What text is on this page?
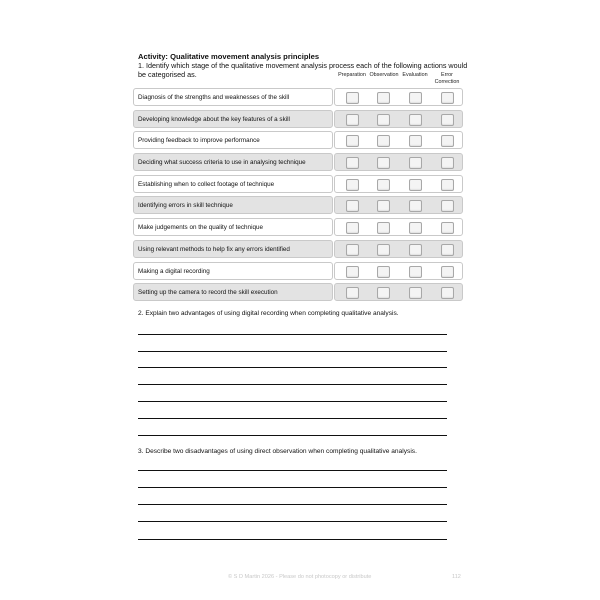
Activity: Qualitative movement analysis principles
1. Identify which stage of the qualitative movement analysis process each of the following actions would be categorised as.	Preparation Observation Evaluation	Error Correction
Diagnosis of the strengths and weaknesses of the skill
Developing knowledge about the key features of a skill
Providing feedback to improve performance
Deciding what success criteria to use in analysing technique
Establishing when to collect footage of technique
Identifying errors in skill technique
Make judgements on the quality of technique
Using relevant methods to help fix any errors identified
Making a digital recording
Setting up the camera to record the skill execution
2. Explain two advantages of using digital recording when completing qualitative analysis.
3. Describe two disadvantages of using direct observation when completing qualitative analysis.
© S D Martin 2026 - Please do not photocopy or distribute	112
